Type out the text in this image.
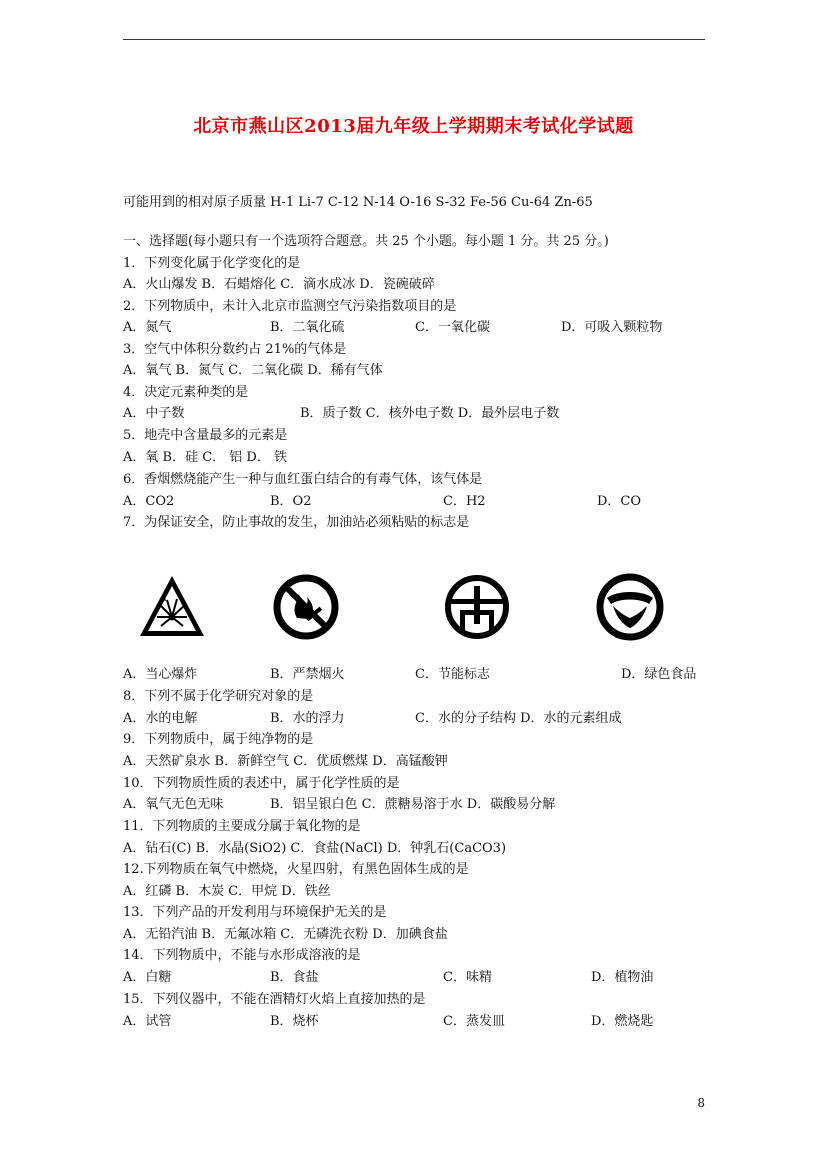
北京市燕山区2013届九年级上学期期末考试化学试题
可能用到的相对原子质量 H-1 Li-7 C-12 N-14 O-16 S-32 Fe-56 Cu-64 Zn-65
一、选择题(每小题只有一个选项符合题意。共 25 个小题。每小题 1 分。共 25 分。)
1．下列变化属于化学变化的是
A．火山爆发 B．石蜡熔化 C．滴水成冰 D．瓷碗破碎
2．下列物质中，未计入北京市监测空气污染指数项目的是
A．氮气	B．二氧化硫	C．一氧化碳	D．可吸入颗粒物
3．空气中体积分数约占 21%的气体是
A．氧气 B．氮气 C．二氧化碳 D．稀有气体
4．决定元素种类的是
A．中子数	B．质子数 C．核外电子数 D．最外层电子数
5．地壳中含量最多的元素是
A．氧 B．硅 C． 铝 D． 铁
6．香烟燃烧能产生一种与血红蛋白结合的有毒气体，该气体是
A．CO2	B．O2	C．H2	D．CO
7．为保证安全，防止事故的发生，加油站必须粘贴的标志是
A．当心爆炸	B．严禁烟火	C．节能标志	D．绿色食品
8．下列不属于化学研究对象的是
A．水的电解	B．水的浮力	C．水的分子结构 D．水的元素组成
9．下列物质中，属于纯净物的是
A．天然矿泉水 B．新鲜空气 C．优质燃煤 D．高锰酸钾
10．下列物质性质的表述中，属于化学性质的是
A．氧气无色无味	B．铝呈银白色 C．蔗糖易溶于水 D．碳酸易分解
11．下列物质的主要成分属于氧化物的是
A．钻石(C) B．水晶(SiO2) C．食盐(NaCl) D．钟乳石(CaCO3)
12.下列物质在氧气中燃烧，火星四射，有黑色固体生成的是
A．红磷 B．木炭 C．甲烷 D．铁丝
13．下列产品的开发利用与环境保护无关的是
A．无铅汽油 B．无氟冰箱 C．无磷洗衣粉 D．加碘食盐
14．下列物质中，不能与水形成溶液的是
A．白糖	B．食盐	C．味精	D．植物油
15．下列仪器中，不能在酒精灯火焰上直接加热的是
A．试管	B．烧杯	C．蒸发皿	D．燃烧匙
8
